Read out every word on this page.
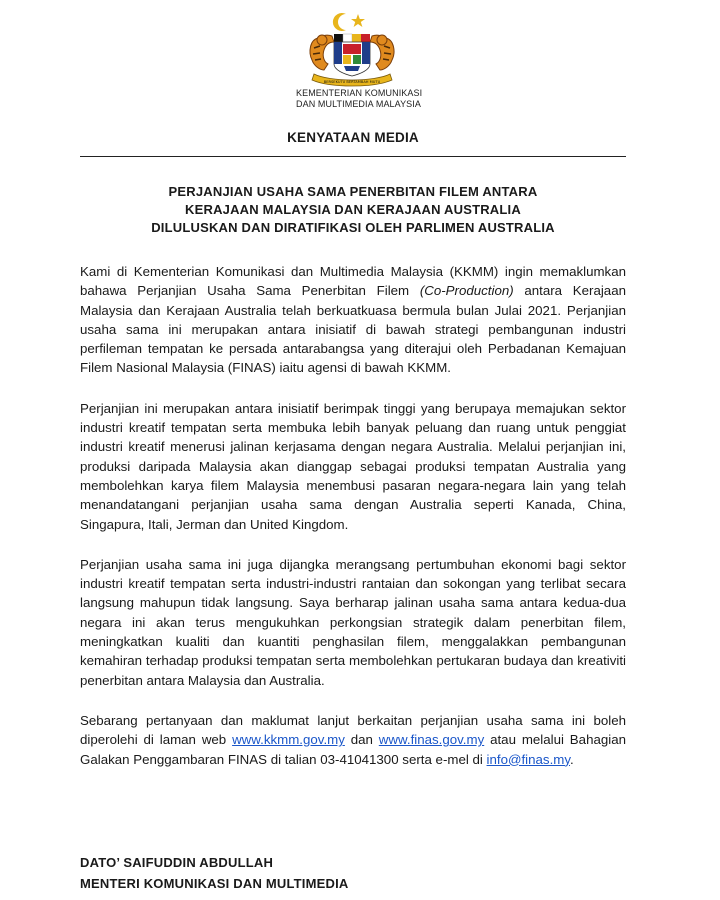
BERSEKUTU BERTAMBAH MUTU
KEMENTERIAN KOMUNIKASI
DAN MULTIMEDIA MALAYSIA
KENYATAAN MEDIA
PERJANJIAN USAHA SAMA PENERBITAN FILEM ANTARA
KERAJAAN MALAYSIA DAN KERAJAAN AUSTRALIA
DILULUSKAN DAN DIRATIFIKASI OLEH PARLIMEN AUSTRALIA

Kami di Kementerian Komunikasi dan Multimedia Malaysia (KKMM) ingin memaklumkan bahawa Perjanjian Usaha Sama Penerbitan Filem (Co-Production) antara Kerajaan Malaysia dan Kerajaan Australia telah berkuatkuasa bermula bulan Julai 2021. Perjanjian usaha sama ini merupakan antara inisiatif di bawah strategi pembangunan industri perfileman tempatan ke persada antarabangsa yang diterajui oleh Perbadanan Kemajuan Filem Nasional Malaysia (FINAS) iaitu agensi di bawah KKMM.

Perjanjian ini merupakan antara inisiatif berimpak tinggi yang berupaya memajukan sektor industri kreatif tempatan serta membuka lebih banyak peluang dan ruang untuk penggiat industri kreatif menerusi jalinan kerjasama dengan negara Australia. Melalui perjanjian ini, produksi daripada Malaysia akan dianggap sebagai produksi tempatan Australia yang membolehkan karya filem Malaysia menembusi pasaran negara-negara lain yang telah menandatangani perjanjian usaha sama dengan Australia seperti Kanada, China, Singapura, Itali, Jerman dan United Kingdom.

Perjanjian usaha sama ini juga dijangka merangsang pertumbuhan ekonomi bagi sektor industri kreatif tempatan serta industri-industri rantaian dan sokongan yang terlibat secara langsung mahupun tidak langsung. Saya berharap jalinan usaha sama antara kedua-dua negara ini akan terus mengukuhkan perkongsian strategik dalam penerbitan filem, meningkatkan kualiti dan kuantiti penghasilan filem, menggalakkan pembangunan kemahiran terhadap produksi tempatan serta membolehkan pertukaran budaya dan kreativiti penerbitan antara Malaysia dan Australia.

Sebarang pertanyaan dan maklumat lanjut berkaitan perjanjian usaha sama ini boleh diperolehi di laman web www.kkmm.gov.my dan www.finas.gov.my atau melalui Bahagian Galakan Penggambaran FINAS di talian 03-41041300 serta e-mel di info@finas.my.

DATO’ SAIFUDDIN ABDULLAH
MENTERI KOMUNIKASI DAN MULTIMEDIA
